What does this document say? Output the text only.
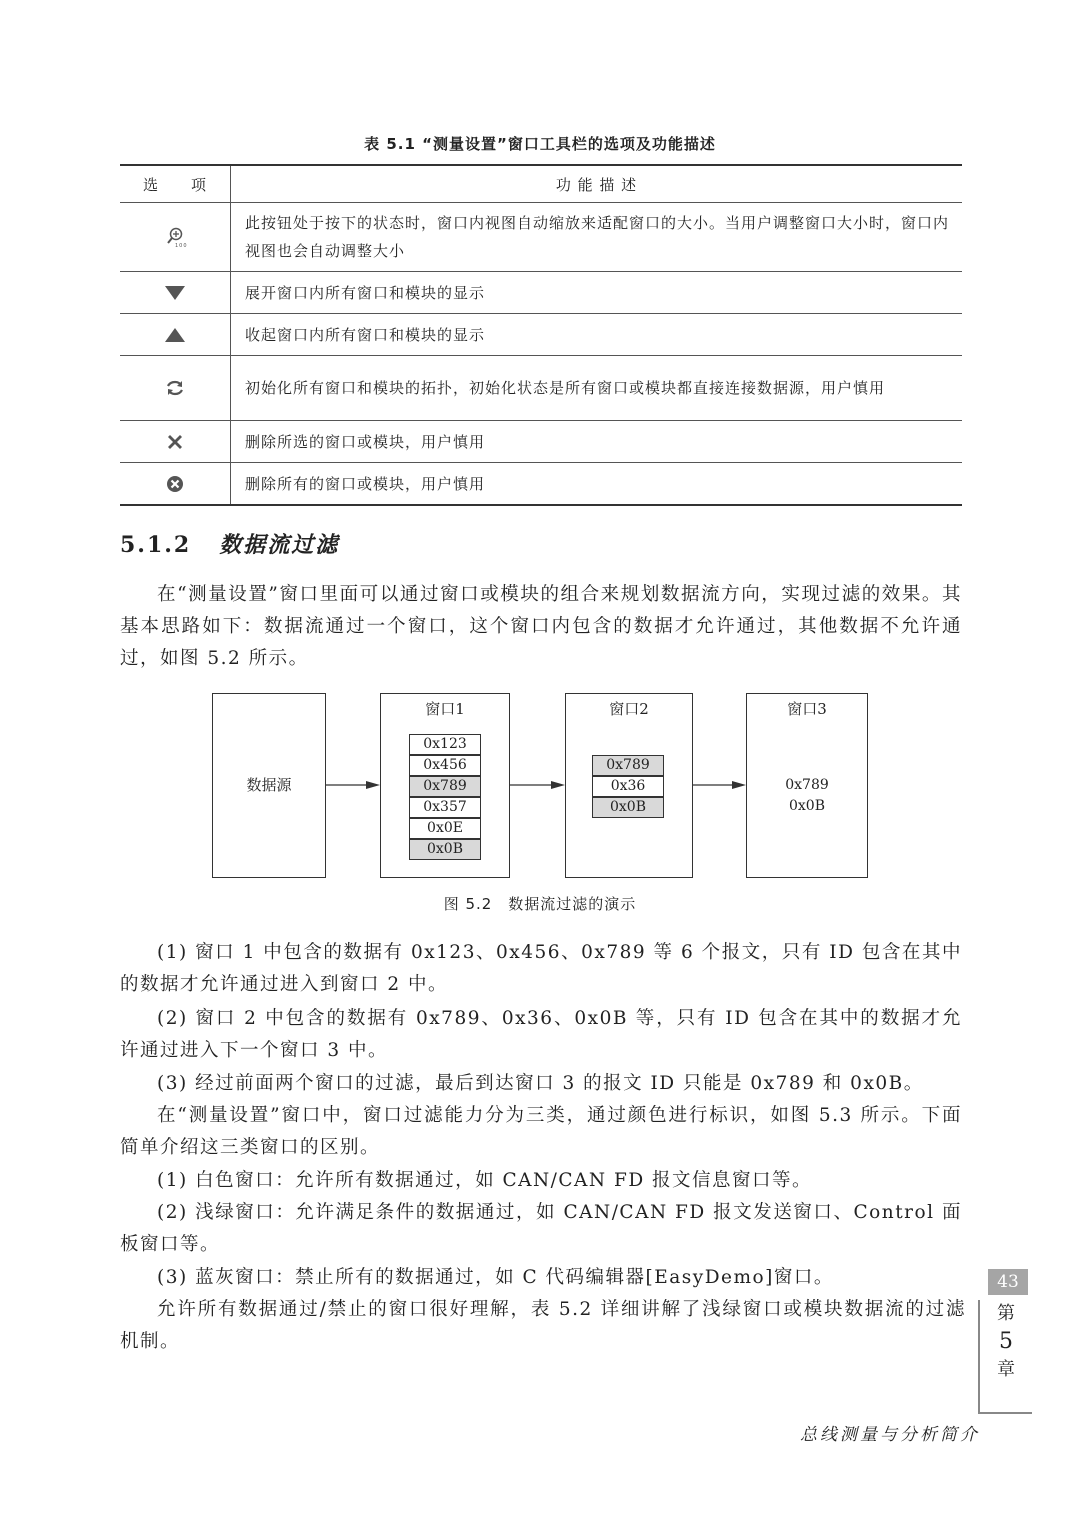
表 5.1 “测量设置”窗口工具栏的选项及功能描述
选　　项	功 能 描 述

100	此按钮处于按下的状态时，窗口内视图自动缩放来适配窗口的大小。当用户调整窗口大小时，窗口内视图也会自动调整大小
	展开窗口内所有窗口和模块的显示
	收起窗口内所有窗口和模块的显示
	初始化所有窗口和模块的拓扑，初始化状态是所有窗口或模块都直接连接数据源，用户慎用
	删除所选的窗口或模块，用户慎用
	删除所有的窗口或模块，用户慎用
5.1.2 数据流过滤
在“测量设置”窗口里面可以通过窗口或模块的组合来规划数据流方向，实现过滤的效果。其基本思路如下：数据流通过一个窗口，这个窗口内包含的数据才允许通过，其他数据不允许通过，如图 5.2 所示。
数据源
窗口1
0x123
0x456
0x789
0x357
0x0E
0x0B
窗口2
0x789
0x36
0x0B
窗口3
0x789
0x0B
图 5.2　数据流过滤的演示
(1) 窗口 1 中包含的数据有 0x123、0x456、0x789 等 6 个报文，只有 ID 包含在其中的数据才允许通过进入到窗口 2 中。
(2) 窗口 2 中包含的数据有 0x789、0x36、0x0B 等，只有 ID 包含在其中的数据才允许通过进入下一个窗口 3 中。
(3) 经过前面两个窗口的过滤，最后到达窗口 3 的报文 ID 只能是 0x789 和 0x0B。
在“测量设置”窗口中，窗口过滤能力分为三类，通过颜色进行标识，如图 5.3 所示。下面简单介绍这三类窗口的区别。
(1) 白色窗口：允许所有数据通过，如 CAN/CAN FD 报文信息窗口等。
(2) 浅绿窗口：允许满足条件的数据通过，如 CAN/CAN FD 报文发送窗口、Control 面板窗口等。
(3) 蓝灰窗口：禁止所有的数据通过，如 C 代码编辑器[EasyDemo]窗口。
允许所有数据通过/禁止的窗口很好理解，表 5.2 详细讲解了浅绿窗口或模块数据流的过滤机制。
43
第
5
章
总线测量与分析简介
